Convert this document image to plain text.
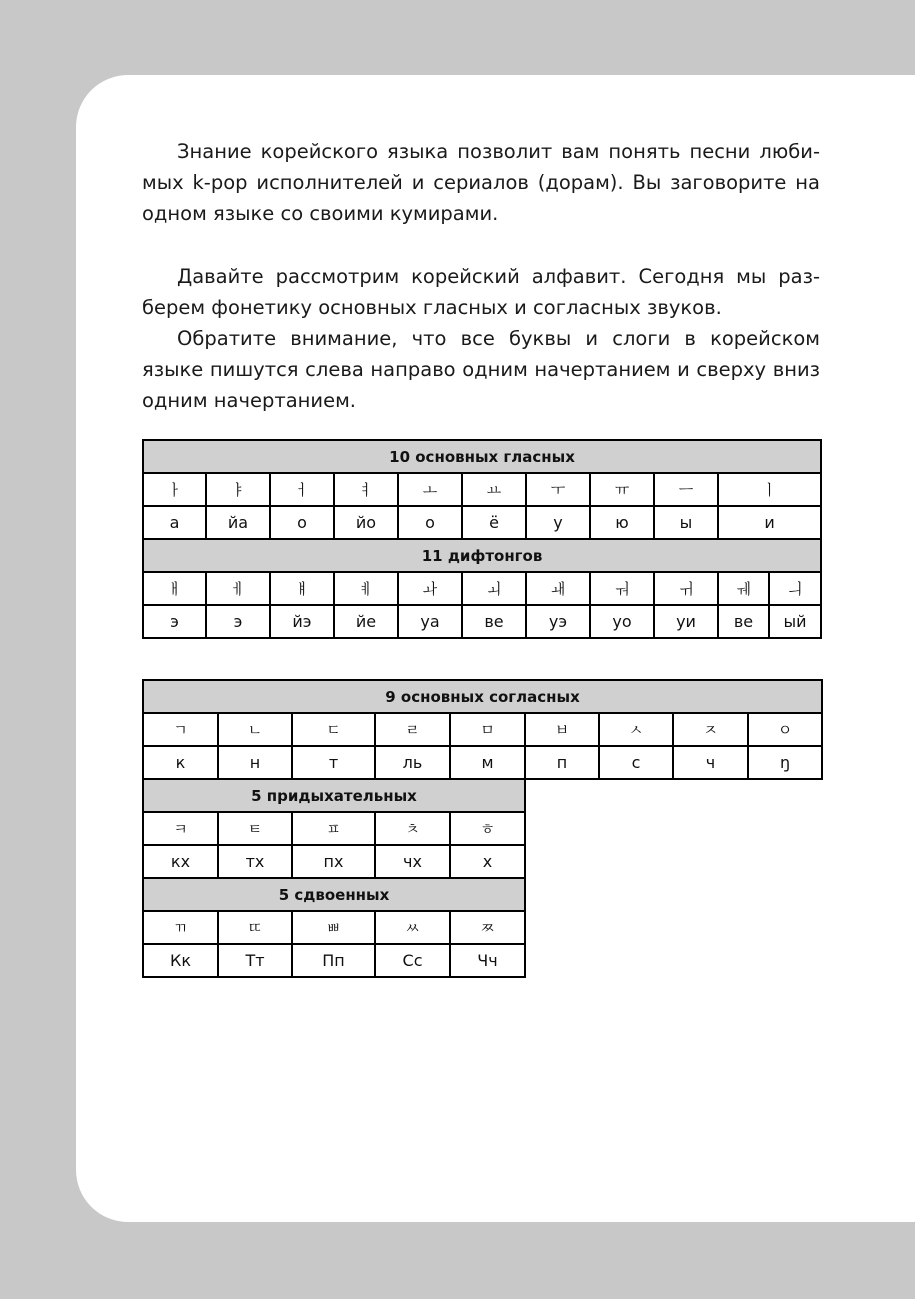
Знание корейского языка позволит вам понять песни люби-мых k-pop исполнителей и сериалов (дорам). Вы заговорите на одном языке со своими кумирами.

Давайте рассмотрим корейский алфавит. Сегодня мы раз-берем фонетику основных гласных и согласных звуков.

Обратите внимание, что все буквы и слоги в корейском языке пишутся слева направо одним начертанием и сверху вниз одним начертанием.

10 основных гласных										
ㅏ	ㅑ	ㅓ	ㅕ	ㅗ	ㅛ	ㅜ	ㅠ	ㅡ	ㅣ	
а	йа	о	йо	о	ё	у	ю	ы	и	
11 дифтонгов										
ㅐ	ㅔ	ㅒ	ㅖ	ㅘ	ㅚ	ㅙ	ㅝ	ㅟ	ㅞ	ㅢ
э	э	йэ	йе	уа	ве	уэ	уо	уи	ве	ый
9 основных согласных								
ㄱ	ㄴ	ㄷ	ㄹ	ㅁ	ㅂ	ㅅ	ㅈ	ㅇ
к	н	т	ль	м	п	с	ч	ŋ
5 придыхательных								
ㅋ	ㅌ	ㅍ	ㅊ	ㅎ				
кх	тх	пх	чх	х				
5 сдвоенных								
ㄲ	ㄸ	ㅃ	ㅆ	ㅉ				
Кк	Тт	Пп	Сс	Чч				
